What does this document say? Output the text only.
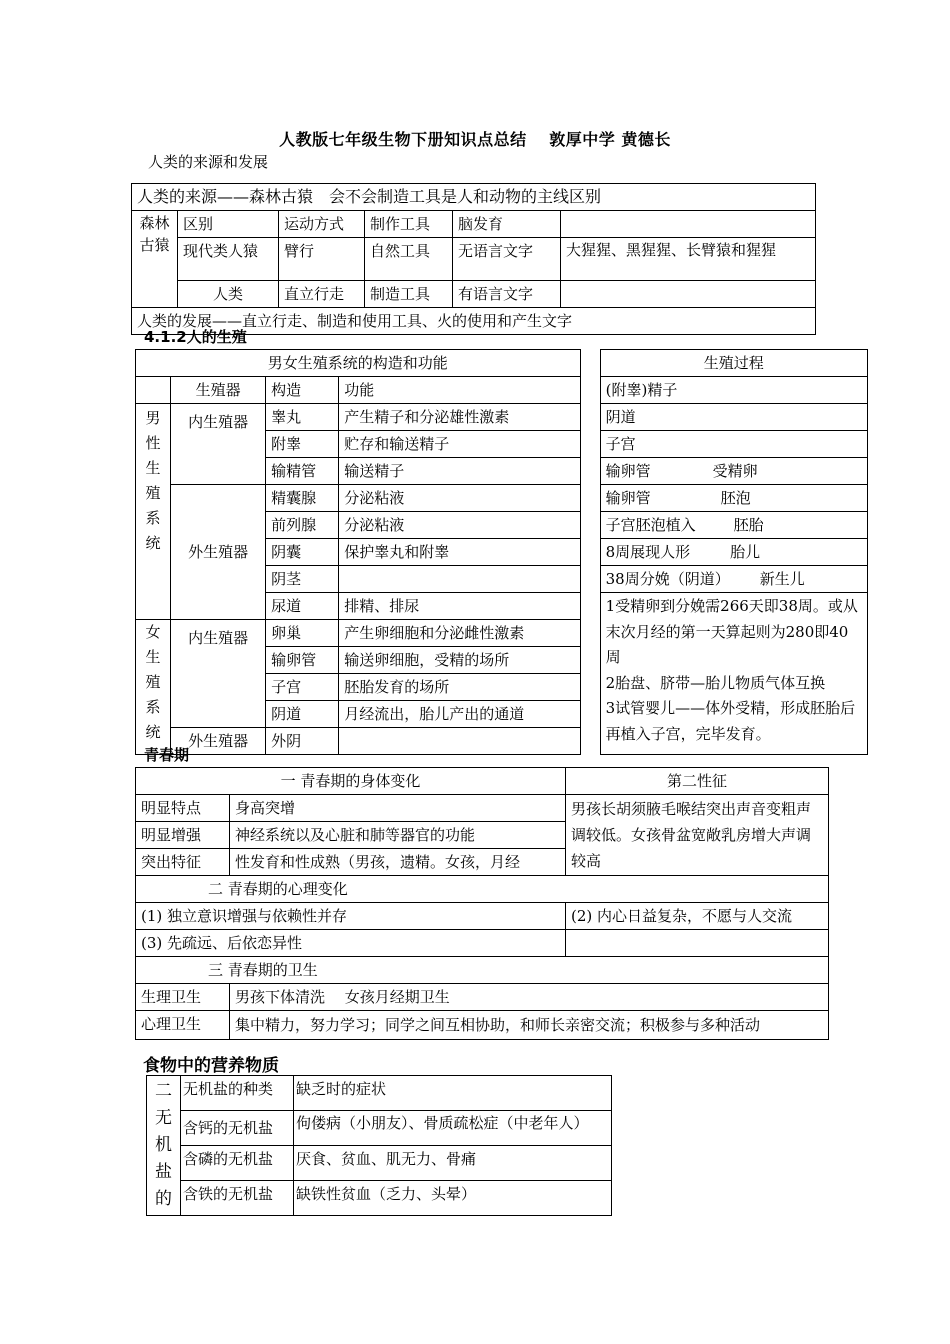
人教版七年级生物下册知识点总结　 敦厚中学 黄德长
人类的来源和发展
人类的来源——森林古猿　会不会制造工具是人和动物的主线区别					
森林古猿	区别	运动方式	制作工具	脑发育	
	现代类人猿	臂行	自然工具	无语言文字	大猩猩、黑猩猩、长臂猿和猩猩
	人类	直立行走	制造工具	有语言文字	
人类的发展——直立行走、制造和使用工具、火的使用和产生文字					
4.1.2人的生殖
男女生殖系统的构造和功能					生殖过程
	生殖器	构造	功能		(附睾)精子
男性生殖系统	内生殖器	睾丸	产生精子和分泌雄性激素		阴道
		附睾	贮存和输送精子		子宫
		输精管	输送精子		输卵管 受精卵
	外生殖器	精囊腺	分泌粘液		输卵管 胚泡
		前列腺	分泌粘液		子宫胚泡植入 胚胎
		阴囊	保护睾丸和附睾		8周展现人形 胎儿
		阴茎			38周分娩（阴道） 新生儿
		尿道	排精、排尿		1受精卵到分娩需266天即38周。或从末次月经的第一天算起则为280即40周
2胎盘、脐带—胎儿物质气体互换
3试管婴儿——体外受精，形成胚胎后再植入子宫，完毕发育。
女生殖系统	内生殖器	卵巢	产生卵细胞和分泌雌性激素		
		输卵管	输送卵细胞，受精的场所		
		子宫	胚胎发育的场所		
		阴道	月经流出，胎儿产出的通道		
	外生殖器	外阴			
青春期
一 青春期的身体变化		第二性征
明显特点	身高突增	男孩长胡须腋毛喉结突出声音变粗声调较低。女孩骨盆宽敞乳房增大声调较高
明显增强	神经系统以及心脏和肺等器官的功能	
突出特征	性发育和性成熟（男孩，遗精。女孩，月经	
二 青春期的心理变化		
(1) 独立意识增强与依赖性并存		(2) 内心日益复杂，不愿与人交流
(3) 先疏远、后依恋异性		
三 青春期的卫生		
生理卫生	男孩下体清洗　 女孩月经期卫生	
心理卫生	集中精力，努力学习；同学之间互相协助，和师长亲密交流；积极参与多种活动	
食物中的营养物质
二无机盐的	无机盐的种类	缺乏时的症状
	含钙的无机盐	佝偻病（小朋友）、骨质疏松症（中老年人）
	含磷的无机盐	厌食、贫血、肌无力、骨痛
	含铁的无机盐	缺铁性贫血（乏力、头晕）
